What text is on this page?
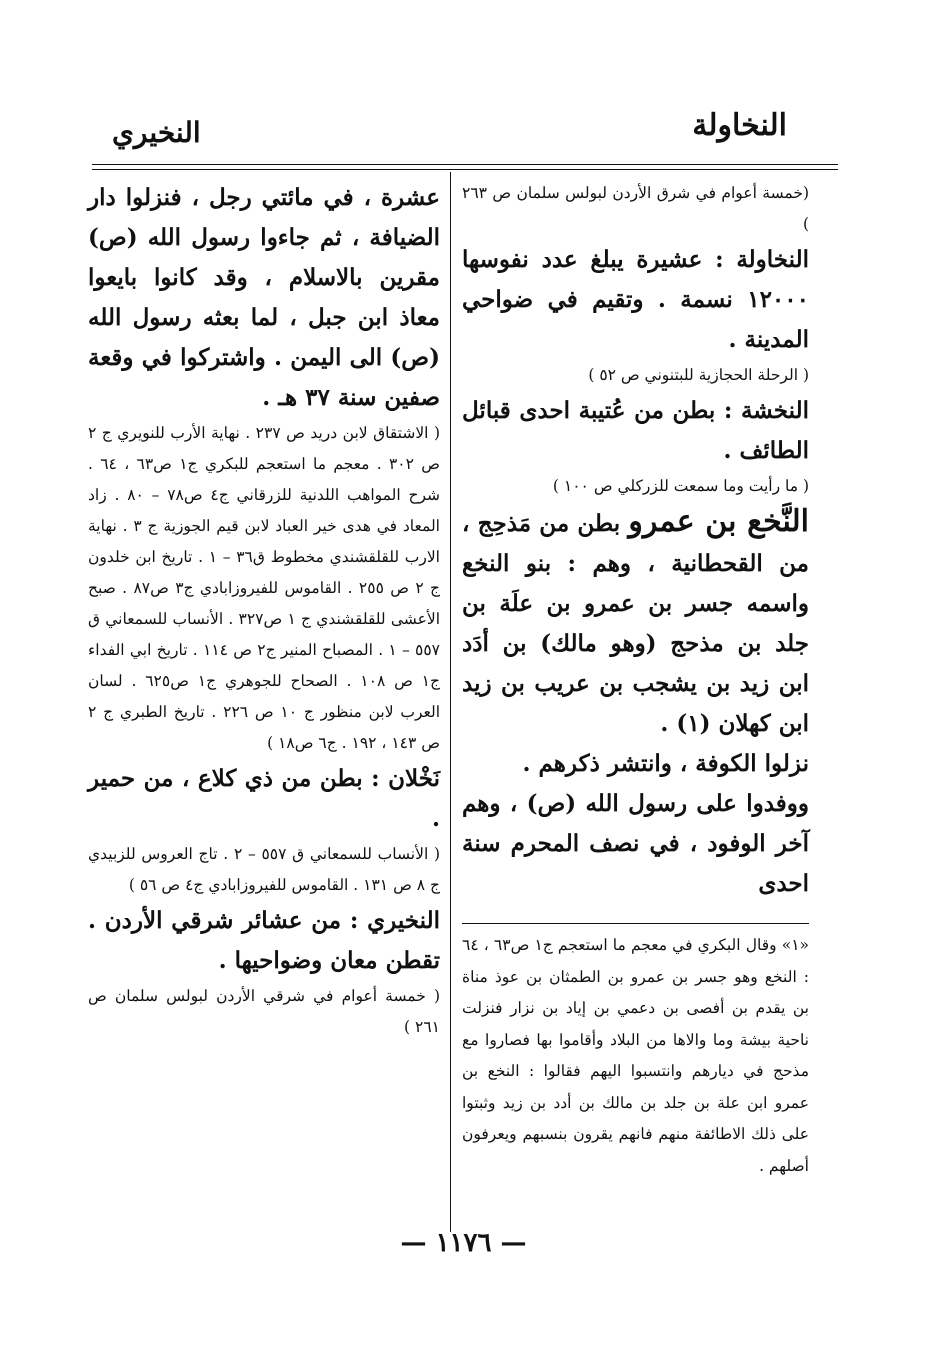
النخاولة
النخيري

(خمسة أعوام في شرق الأردن لبولس سلمان ص ٢٦٣ )

النخاولة : عشيرة يبلغ عدد نفوسها ١٢٠٠٠ نسمة . وتقيم في ضواحي المدينة .

( الرحلة الحجازية للبتنوني ص ٥٢ )

النخشة : بطن من عُتيبة احدى قبائل الطائف .

( ما رأيت وما سمعت للزركلي ص ١٠٠ )

النَّخع بن عمرو بطن من مَذحِج ، من القحطانية ، وهم : بنو النخع واسمه جسر بن عمرو بن علَة بن جلد بن مذحج (وهو مالك) بن أدَد ابن زيد بن يشجب بن عريب بن زيد ابن كهلان (١) .

نزلوا الكوفة ، وانتشر ذكرهم .

ووفدوا على رسول الله (ص) ، وهم آخر الوفود ، في نصف المحرم سنة احدى

عشرة ، في مائتي رجل ، فنزلوا دار الضيافة ، ثم جاءوا رسول الله (ص) مقرين بالاسلام ، وقد كانوا بايعوا معاذ ابن جبل ، لما بعثه رسول الله (ص) الى اليمن . واشتركوا في وقعة صفين سنة ٣٧ هـ .

( الاشتقاق لابن دريد ص ٢٣٧ . نهاية الأرب للنويري ج ٢ ص ٣٠٢ . معجم ما استعجم للبكري ج١ ص٦٣ ، ٦٤ . شرح المواهب اللدنية للزرقاني ج٤ ص٧٨ – ٨٠ . زاد المعاد في هدى خير العباد لابن قيم الجوزية ج ٣ . نهاية الارب للقلقشندي مخطوط ق٣٦ – ١ . تاريخ ابن خلدون ج ٢ ص ٢٥٥ . القاموس للفيروزابادي ج٣ ص٨٧ . صبح الأعشى للقلقشندي ج ١ ص٣٢٧ . الأنساب للسمعاني ق ٥٥٧ – ١ . المصباح المنير ج٢ ص ١١٤ . تاريخ ابي الفداء ج١ ص ١٠٨ . الصحاح للجوهري ج١ ص٦٢٥ . لسان العرب لابن منظور ج ١٠ ص ٢٢٦ . تاريخ الطبري ج ٢ ص ١٤٣ ، ١٩٢ . ج٦ ص١٨ )

نَخْلان : بطن من ذي كلاع ، من حمير .

( الأنساب للسمعاني ق ٥٥٧ – ٢ . تاج العروس للزبيدي ج ٨ ص ١٣١ . القاموس للفيروزابادي ج٤ ص ٥٦ )

النخيري : من عشائر شرقي الأردن . تقطن معان وضواحيها .

( خمسة أعوام في شرقي الأردن لبولس سلمان ص ٢٦١ )

«١» وقال البكري في معجم ما استعجم ج١ ص٦٣ ، ٦٤ : النخع وهو جسر بن عمرو بن الطمثان بن عوذ مناة بن يقدم بن أفصى بن دعمي بن إياد بن نزار فنزلت ناحية بيشة وما والاها من البلاد وأقاموا بها فصاروا مع مذحج في ديارهم وانتسبوا اليهم فقالوا : النخع بن عمرو ابن علة بن جلد بن مالك بن أدد بن زيد وثبتوا على ذلك الاطائفة منهم فانهم يقرون بنسبهم ويعرفون أصلهم .
— ١١٧٦ —
